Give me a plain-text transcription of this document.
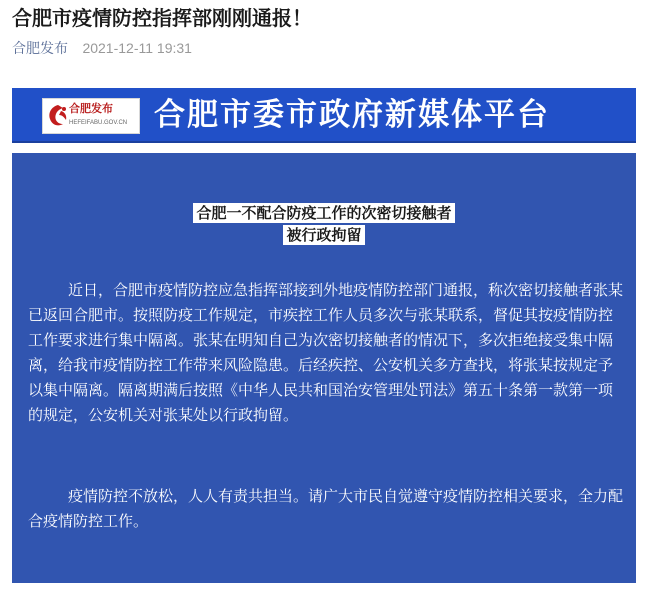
合肥市疫情防控指挥部刚刚通报！
合肥发布 2021-12-11 19:31
合肥发布
HEFEIFABU.GOV.CN 合肥市委市政府新媒体平台
合肥一不配合防疫工作的次密切接触者
被行政拘留

近日，合肥市疫情防控应急指挥部接到外地疫情防控部门通报，称次密切接触者张某已返回合肥市。按照防疫工作规定，市疾控工作人员多次与张某联系，督促其按疫情防控工作要求进行集中隔离。张某在明知自己为次密切接触者的情况下，多次拒绝接受集中隔离，给我市疫情防控工作带来风险隐患。后经疾控、公安机关多方查找，将张某按规定予以集中隔离。隔离期满后按照《中华人民共和国治安管理处罚法》第五十条第一款第一项的规定，公安机关对张某处以行政拘留。

疫情防控不放松，人人有责共担当。请广大市民自觉遵守疫情防控相关要求，全力配合疫情防控工作。
